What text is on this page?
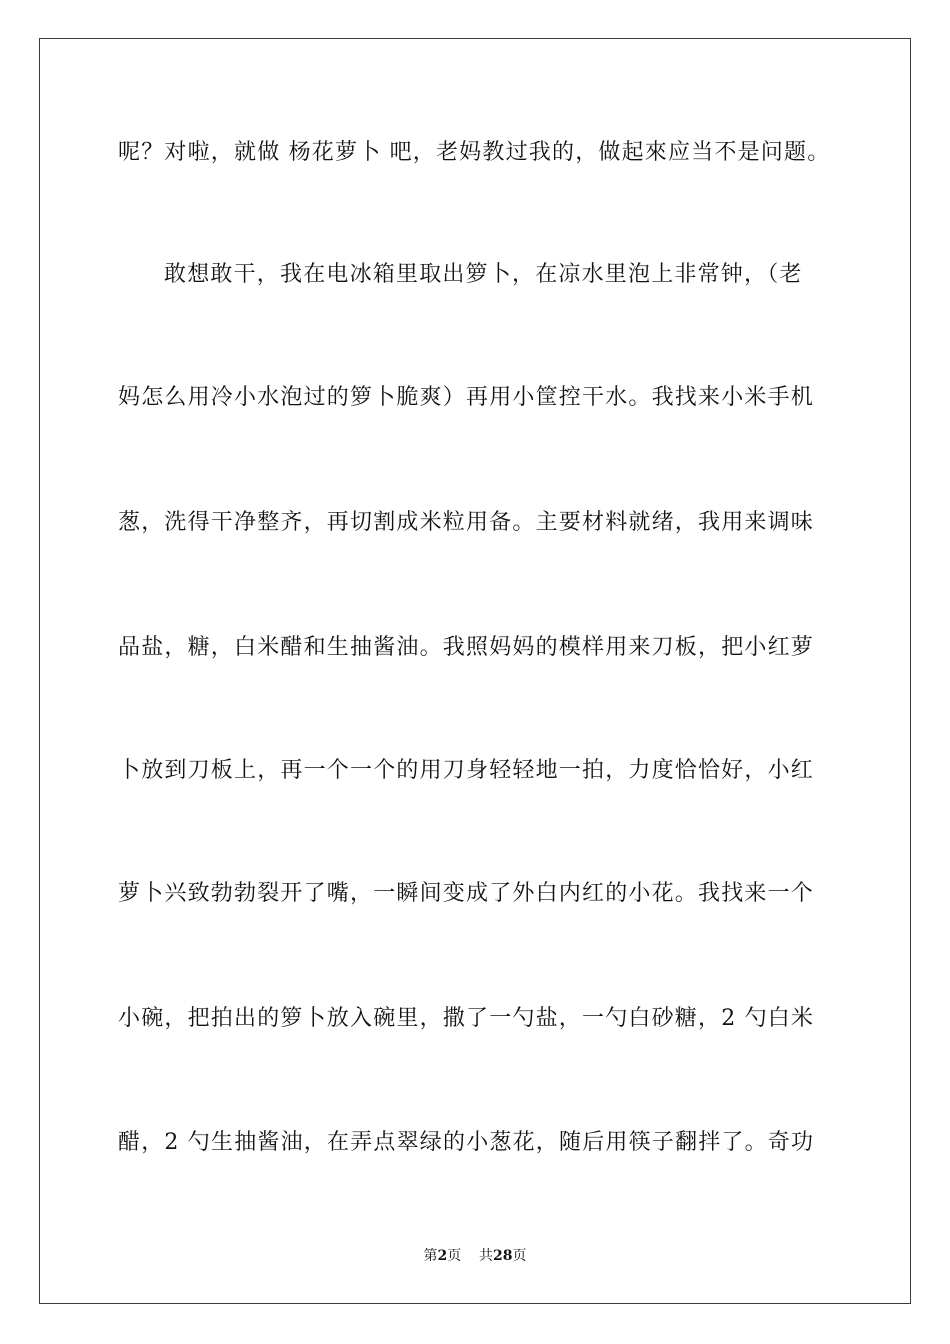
呢？对啦，就做 杨花萝卜 吧，老妈教过我的，做起來应当不是问题。
敢想敢干，我在电冰箱里取出箩卜，在凉水里泡上非常钟，（老
妈怎么用冷小水泡过的箩卜脆爽）再用小筐控干水。我找来小米手机
葱，洗得干净整齐，再切割成米粒用备。主要材料就绪，我用来调味
品盐，糖，白米醋和生抽酱油。我照妈妈的模样用来刀板，把小红萝
卜放到刀板上，再一个一个的用刀身轻轻地一拍，力度恰恰好，小红
萝卜兴致勃勃裂开了嘴，一瞬间变成了外白内红的小花。我找来一个
小碗，把拍出的箩卜放入碗里，撒了一勺盐，一勺白砂糖，2 勺白米
醋，2 勺生抽酱油，在弄点翠绿的小葱花，随后用筷子翻拌了。奇功
第2页 共28页
